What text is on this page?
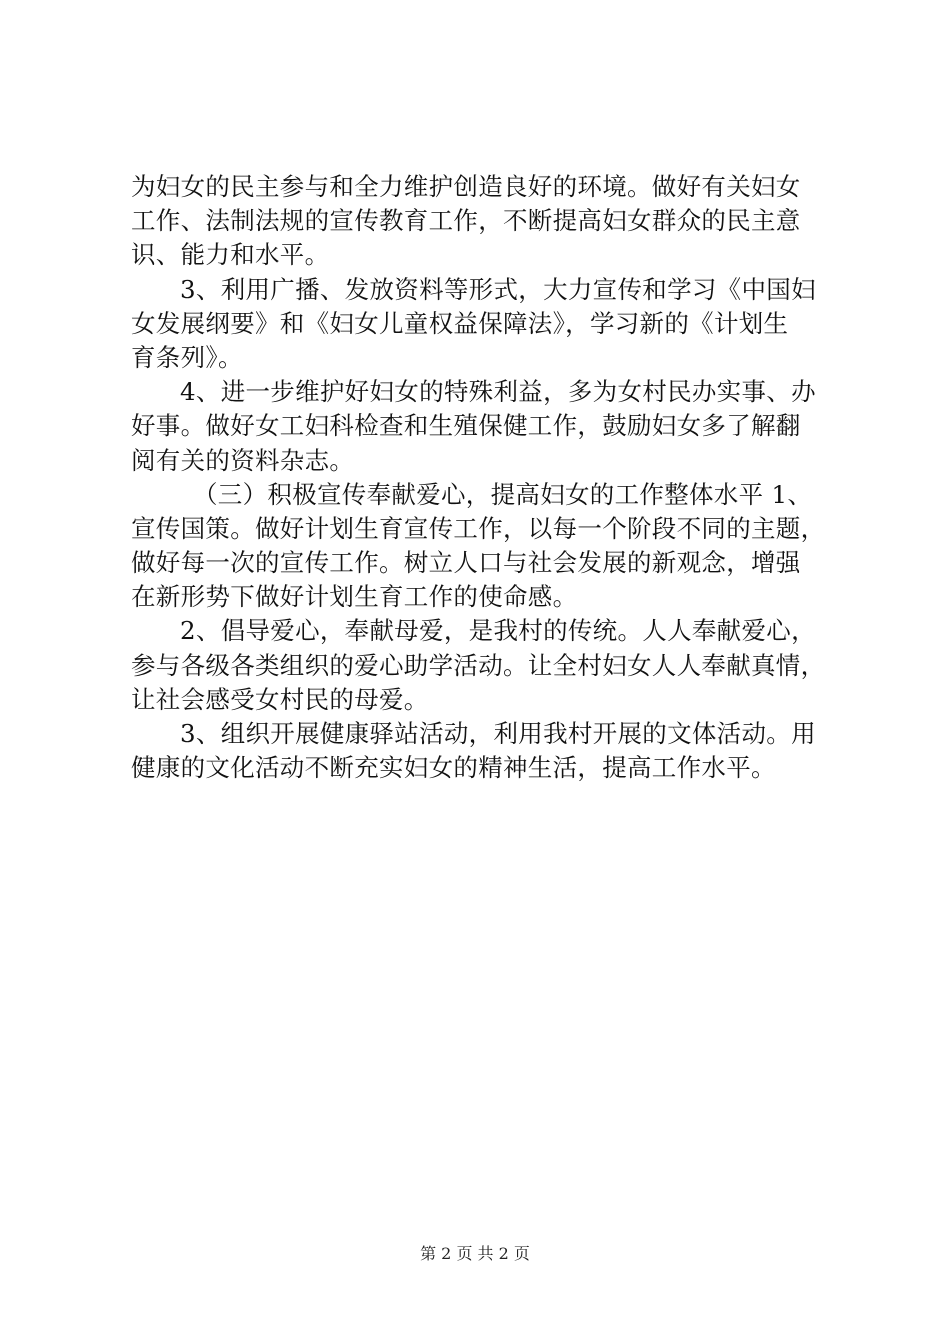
为妇女的民主参与和全力维护创造良好的环境。做好有关妇女
工作、法制法规的宣传教育工作，不断提高妇女群众的民主意
识、能力和水平。
3、利用广播、发放资料等形式，大力宣传和学习《中国妇
女发展纲要》和《妇女儿童权益保障法》，学习新的《计划生
育条列》。
4、进一步维护好妇女的特殊利益，多为女村民办实事、办
好事。做好女工妇科检查和生殖保健工作，鼓励妇女多了解翻
阅有关的资料杂志。
（三）积极宣传奉献爱心，提高妇女的工作整体水平 1、
宣传国策。做好计划生育宣传工作，以每一个阶段不同的主题，
做好每一次的宣传工作。树立人口与社会发展的新观念，增强
在新形势下做好计划生育工作的使命感。
2、倡导爱心，奉献母爱，是我村的传统。人人奉献爱心，
参与各级各类组织的爱心助学活动。让全村妇女人人奉献真情，
让社会感受女村民的母爱。
3、组织开展健康驿站活动，利用我村开展的文体活动。用
健康的文化活动不断充实妇女的精神生活，提高工作水平。
第 2 页 共 2 页
